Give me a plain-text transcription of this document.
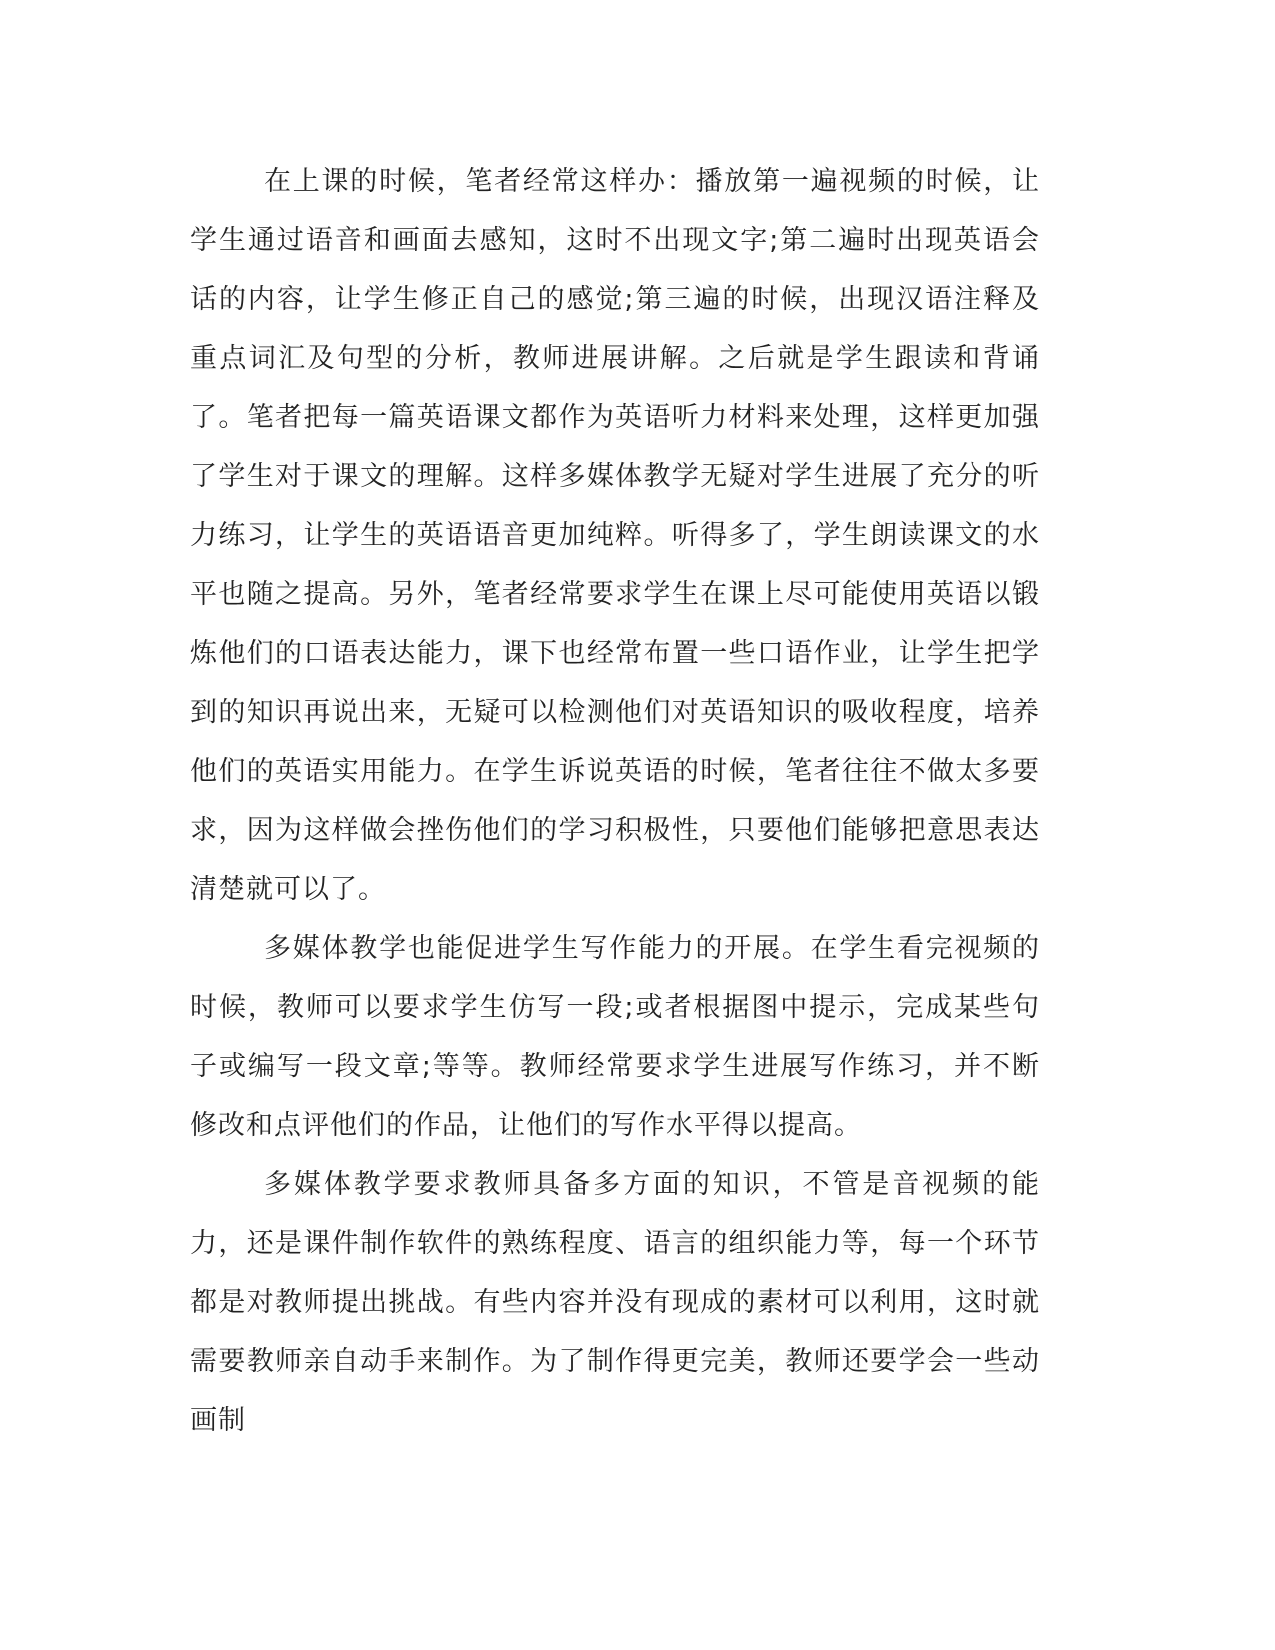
在上课的时候，笔者经常这样办：播放第一遍视频的时候，让学生通过语音和画面去感知，这时不出现文字;第二遍时出现英语会话的内容，让学生修正自己的感觉;第三遍的时候，出现汉语注释及重点词汇及句型的分析，教师进展讲解。之后就是学生跟读和背诵了。笔者把每一篇英语课文都作为英语听力材料来处理，这样更加强了学生对于课文的理解。这样多媒体教学无疑对学生进展了充分的听力练习，让学生的英语语音更加纯粹。听得多了，学生朗读课文的水平也随之提高。另外，笔者经常要求学生在课上尽可能使用英语以锻炼他们的口语表达能力，课下也经常布置一些口语作业，让学生把学到的知识再说出来，无疑可以检测他们对英语知识的吸收程度，培养他们的英语实用能力。在学生诉说英语的时候，笔者往往不做太多要求，因为这样做会挫伤他们的学习积极性，只要他们能够把意思表达清楚就可以了。

多媒体教学也能促进学生写作能力的开展。在学生看完视频的时候，教师可以要求学生仿写一段;或者根据图中提示，完成某些句子或编写一段文章;等等。教师经常要求学生进展写作练习，并不断修改和点评他们的作品，让他们的写作水平得以提高。

多媒体教学要求教师具备多方面的知识，不管是音视频的能力，还是课件制作软件的熟练程度、语言的组织能力等，每一个环节都是对教师提出挑战。有些内容并没有现成的素材可以利用，这时就需要教师亲自动手来制作。为了制作得更完美，教师还要学会一些动画制
